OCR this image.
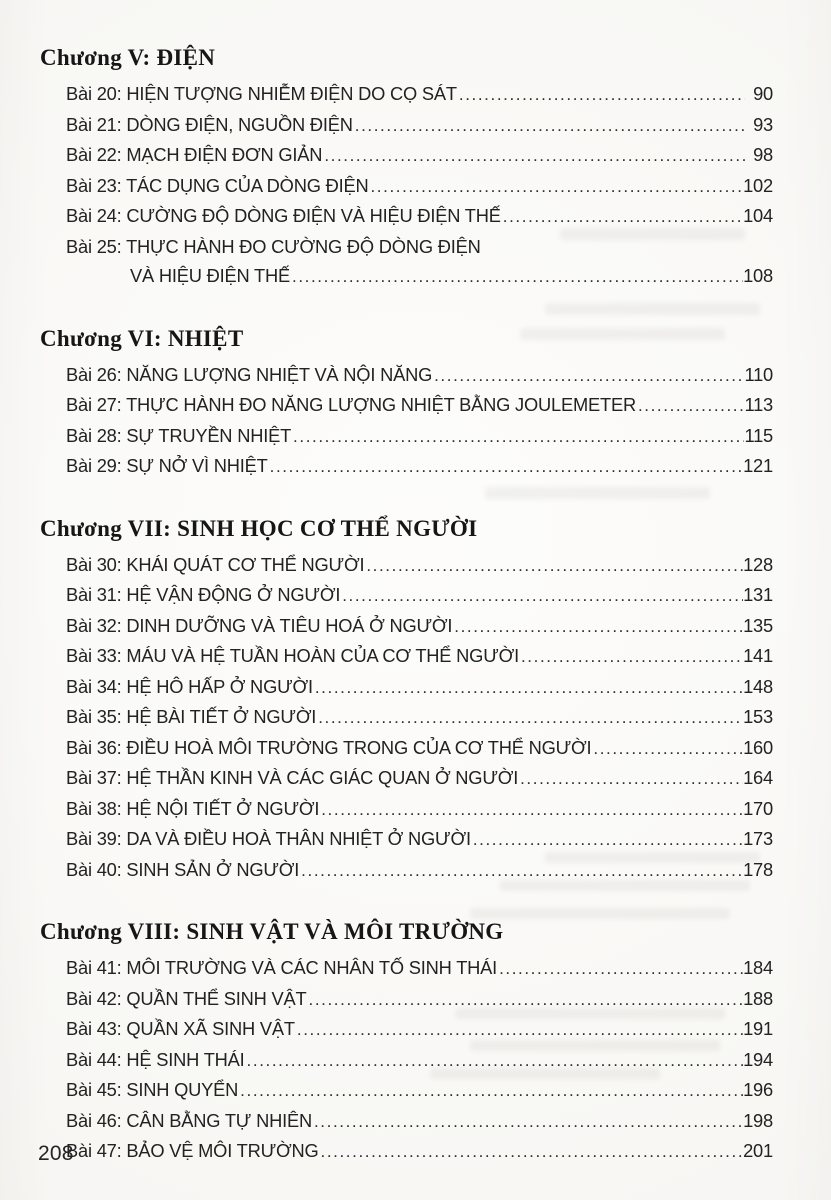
Chương V: ĐIỆN
Bài 20: HIỆN TƯỢNG NHIỄM ĐIỆN DO CỌ SÁT .....	90
Bài 21: DÒNG ĐIỆN, NGUỒN ĐIỆN .....	93
Bài 22: MẠCH ĐIỆN ĐƠN GIẢN .....	98
Bài 23: TÁC DỤNG CỦA DÒNG ĐIỆN .....	102
Bài 24: CƯỜNG ĐỘ DÒNG ĐIỆN VÀ HIỆU ĐIỆN THẾ .....	104
Bài 25: THỰC HÀNH ĐO CƯỜNG ĐỘ DÒNG ĐIỆN
VÀ HIỆU ĐIỆN THẾ .....	108
Chương VI: NHIỆT
Bài 26: NĂNG LƯỢNG NHIỆT VÀ NỘI NĂNG .....	110
Bài 27: THỰC HÀNH ĐO NĂNG LƯỢNG NHIỆT BẰNG JOULEMETER .....	113
Bài 28: SỰ TRUYỀN NHIỆT .....	115
Bài 29: SỰ NỞ VÌ NHIỆT .....	121
Chương VII: SINH HỌC CƠ THỂ NGƯỜI
Bài 30: KHÁI QUÁT CƠ THỂ NGƯỜI .....	128
Bài 31: HỆ VẬN ĐỘNG Ở NGƯỜI .....	131
Bài 32: DINH DƯỠNG VÀ TIÊU HOÁ Ở NGƯỜI .....	135
Bài 33: MÁU VÀ HỆ TUẦN HOÀN CỦA CƠ THỂ NGƯỜI .....	141
Bài 34: HỆ HÔ HẤP Ở NGƯỜI .....	148
Bài 35: HỆ BÀI TIẾT Ở NGƯỜI .....	153
Bài 36: ĐIỀU HOÀ MÔI TRƯỜNG TRONG CỦA CƠ THỂ NGƯỜI .....	160
Bài 37: HỆ THẦN KINH VÀ CÁC GIÁC QUAN Ở NGƯỜI .....	164
Bài 38: HỆ NỘI TIẾT Ở NGƯỜI .....	170
Bài 39: DA VÀ ĐIỀU HOÀ THÂN NHIỆT Ở NGƯỜI .....	173
Bài 40: SINH SẢN Ở NGƯỜI .....	178
Chương VIII: SINH VẬT VÀ MÔI TRƯỜNG
Bài 41: MÔI TRƯỜNG VÀ CÁC NHÂN TỐ SINH THÁI .....	184
Bài 42: QUẦN THỂ SINH VẬT .....	188
Bài 43: QUẦN XÃ SINH VẬT .....	191
Bài 44: HỆ SINH THÁI .....	194
Bài 45: SINH QUYỂN .....	196
Bài 46: CÂN BẰNG TỰ NHIÊN .....	198
Bài 47: BẢO VỆ MÔI TRƯỜNG .....	201
208
